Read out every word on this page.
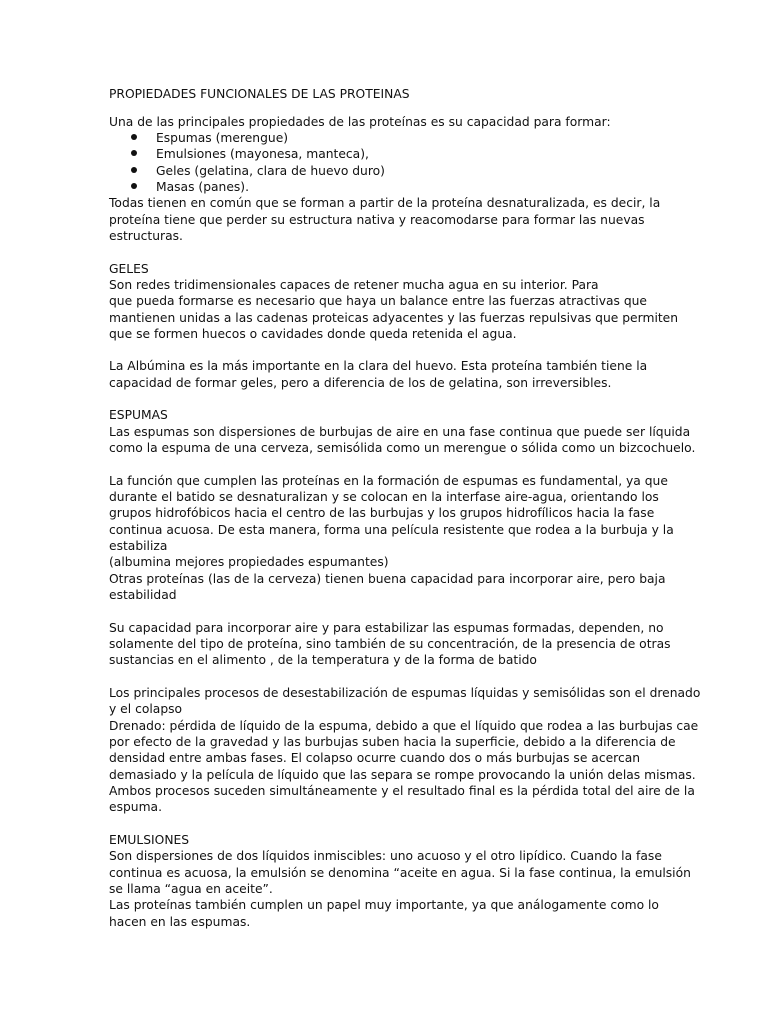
PROPIEDADES FUNCIONALES DE LAS PROTEINAS
Una de las principales propiedades de las proteínas es su capacidad para formar:
Espumas (merengue)
Emulsiones (mayonesa, manteca),
Geles (gelatina, clara de huevo duro)
Masas (panes).
Todas tienen en común que se forman a partir de la proteína desnaturalizada, es decir, la
proteína tiene que perder su estructura nativa y reacomodarse para formar las nuevas
estructuras.
GELES
Son redes tridimensionales capaces de retener mucha agua en su interior. Para
que pueda formarse es necesario que haya un balance entre las fuerzas atractivas que
mantienen unidas a las cadenas proteicas adyacentes y las fuerzas repulsivas que permiten
que se formen huecos o cavidades donde queda retenida el agua.
La Albúmina es la más importante en la clara del huevo. Esta proteína también tiene la
capacidad de formar geles, pero a diferencia de los de gelatina, son irreversibles.
ESPUMAS
Las espumas son dispersiones de burbujas de aire en una fase continua que puede ser líquida
como la espuma de una cerveza, semisólida como un merengue o sólida como un bizcochuelo.
La función que cumplen las proteínas en la formación de espumas es fundamental, ya que
durante el batido se desnaturalizan y se colocan en la interfase aire-agua, orientando los
grupos hidrofóbicos hacia el centro de las burbujas y los grupos hidrofílicos hacia la fase
continua acuosa. De esta manera, forma una película resistente que rodea a la burbuja y la
estabiliza
(albumina mejores propiedades espumantes)
Otras proteínas (las de la cerveza) tienen buena capacidad para incorporar aire, pero baja
estabilidad
Su capacidad para incorporar aire y para estabilizar las espumas formadas, dependen, no
solamente del tipo de proteína, sino también de su concentración, de la presencia de otras
sustancias en el alimento , de la temperatura y de la forma de batido
Los principales procesos de desestabilización de espumas líquidas y semisólidas son el drenado
y el colapso
Drenado: pérdida de líquido de la espuma, debido a que el líquido que rodea a las burbujas cae
por efecto de la gravedad y las burbujas suben hacia la superficie, debido a la diferencia de
densidad entre ambas fases. El colapso ocurre cuando dos o más burbujas se acercan
demasiado y la película de líquido que las separa se rompe provocando la unión delas mismas.
Ambos procesos suceden simultáneamente y el resultado final es la pérdida total del aire de la
espuma.
EMULSIONES
Son dispersiones de dos líquidos inmiscibles: uno acuoso y el otro lipídico. Cuando la fase
continua es acuosa, la emulsión se denomina “aceite en agua. Si la fase continua, la emulsión
se llama “agua en aceite”.
Las proteínas también cumplen un papel muy importante, ya que análogamente como lo
hacen en las espumas.
